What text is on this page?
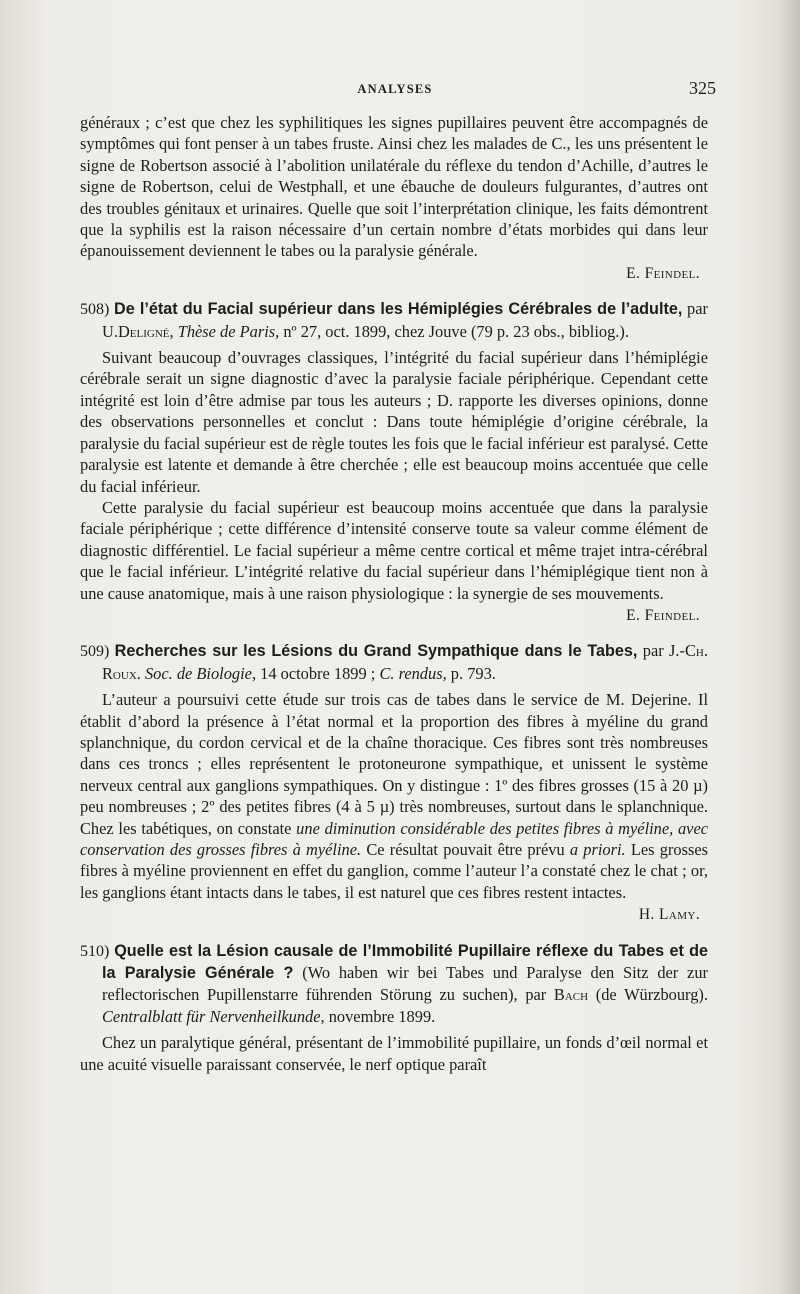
ANALYSES	325

généraux ; c’est que chez les syphilitiques les signes pupillaires peuvent être accompagnés de symptômes qui font penser à un tabes fruste. Ainsi chez les malades de C., les uns présentent le signe de Robertson associé à l’abolition unilatérale du réflexe du tendon d’Achille, d’autres le signe de Robertson, celui de Westphall, et une ébauche de douleurs fulgurantes, d’autres ont des troubles génitaux et urinaires. Quelle que soit l’interprétation clinique, les faits démontrent que la syphilis est la raison nécessaire d’un certain nombre d’états morbides qui dans leur épanouissement deviennent le tabes ou la paralysie générale.

E. Feindel.

508) De l’état du Facial supérieur dans les Hémiplégies Cérébrales de l’adulte, par U.Deligné, Thèse de Paris, nº 27, oct. 1899, chez Jouve (79 p. 23 obs., bibliog.).

Suivant beaucoup d’ouvrages classiques, l’intégrité du facial supérieur dans l’hémiplégie cérébrale serait un signe diagnostic d’avec la paralysie faciale périphérique. Cependant cette intégrité est loin d’être admise par tous les auteurs ; D. rapporte les diverses opinions, donne des observations personnelles et conclut : Dans toute hémiplégie d’origine cérébrale, la paralysie du facial supérieur est de règle toutes les fois que le facial inférieur est paralysé. Cette paralysie est latente et demande à être cherchée ; elle est beaucoup moins accentuée que celle du facial inférieur.

Cette paralysie du facial supérieur est beaucoup moins accentuée que dans la paralysie faciale périphérique ; cette différence d’intensité conserve toute sa valeur comme élément de diagnostic différentiel. Le facial supérieur a même centre cortical et même trajet intra-cérébral que le facial inférieur. L’intégrité relative du facial supérieur dans l’hémiplégique tient non à une cause anatomique, mais à une raison physiologique : la synergie de ses mouvements.

E. Feindel.

509) Recherches sur les Lésions du Grand Sympathique dans le Tabes, par J.-Ch. Roux. Soc. de Biologie, 14 octobre 1899 ; C. rendus, p. 793.

L’auteur a poursuivi cette étude sur trois cas de tabes dans le service de M. Dejerine. Il établit d’abord la présence à l’état normal et la proportion des fibres à myéline du grand splanchnique, du cordon cervical et de la chaîne thoracique. Ces fibres sont très nombreuses dans ces troncs ; elles représentent le protoneurone sympathique, et unissent le système nerveux central aux ganglions sympathiques. On y distingue : 1º des fibres grosses (15 à 20 µ) peu nombreuses ; 2º des petites fibres (4 à 5 µ) très nombreuses, surtout dans le splanchnique. Chez les tabétiques, on constate une diminution considérable des petites fibres à myéline, avec conservation des grosses fibres à myéline. Ce résultat pouvait être prévu a priori. Les grosses fibres à myéline proviennent en effet du ganglion, comme l’auteur l’a constaté chez le chat ; or, les ganglions étant intacts dans le tabes, il est naturel que ces fibres restent intactes.

H. Lamy.

510) Quelle est la Lésion causale de l’Immobilité Pupillaire réflexe du Tabes et de la Paralysie Générale ? (Wo haben wir bei Tabes und Paralyse den Sitz der zur reflectorischen Pupillenstarre führenden Störung zu suchen), par Bach (de Würzbourg). Centralblatt für Nervenheilkunde, novembre 1899.

Chez un paralytique général, présentant de l’immobilité pupillaire, un fonds d’œil normal et une acuité visuelle paraissant conservée, le nerf optique paraît
